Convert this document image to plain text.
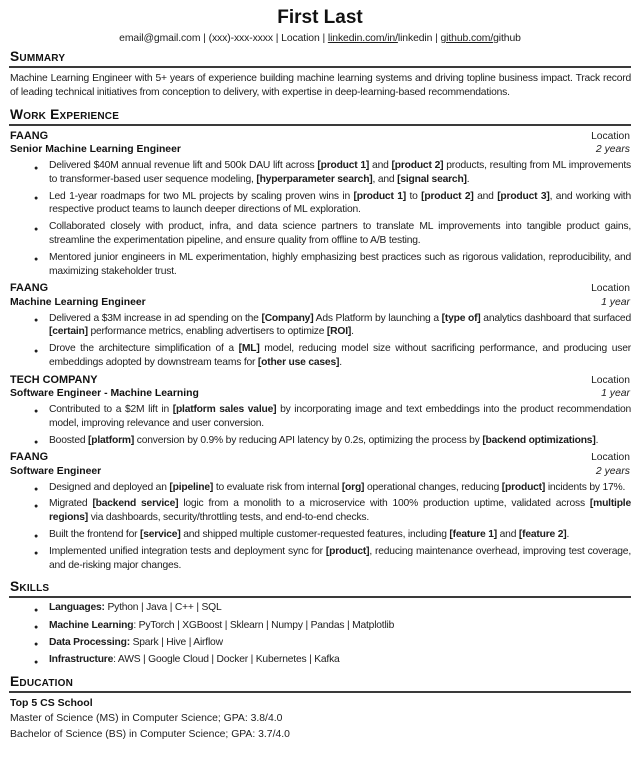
First Last
email@gmail.com | (xxx)-xxx-xxxx | Location | linkedin.com/in/linkedin | github.com/github
Summary

Machine Learning Engineer with 5+ years of experience building machine learning systems and driving topline business impact. Track record of leading technical initiatives from conception to delivery, with expertise in deep-learning-based recommendations.

Work Experience
FAANG	Location
Senior Machine Learning Engineer	2 years
● Delivered $40M annual revenue lift and 500k DAU lift across [product 1] and [product 2] products, resulting from ML improvements to transformer-based user sequence modeling, [hyperparameter search], and [signal search].
● Led 1-year roadmaps for two ML projects by scaling proven wins in [product 1] to [product 2] and [product 3], and working with respective product teams to launch deeper directions of ML exploration.
● Collaborated closely with product, infra, and data science partners to translate ML improvements into tangible product gains, streamline the experimentation pipeline, and ensure quality from offline to A/B testing.
● Mentored junior engineers in ML experimentation, highly emphasizing best practices such as rigorous validation, reproducibility, and maximizing stakeholder trust.
FAANG	Location
Machine Learning Engineer	1 year
● Delivered a $3M increase in ad spending on the [Company] Ads Platform by launching a [type of] analytics dashboard that surfaced [certain] performance metrics, enabling advertisers to optimize [ROI].
● Drove the architecture simplification of a [ML] model, reducing model size without sacrificing performance, and producing user embeddings adopted by downstream teams for [other use cases].
TECH COMPANY	Location
Software Engineer - Machine Learning	1 year
● Contributed to a $2M lift in [platform sales value] by incorporating image and text embeddings into the product recommendation model, improving relevance and user conversion.
● Boosted [platform] conversion by 0.9% by reducing API latency by 0.2s, optimizing the process by [backend optimizations].
FAANG	Location
Software Engineer	2 years
● Designed and deployed an [pipeline] to evaluate risk from internal [org] operational changes, reducing [product] incidents by 17%.
● Migrated [backend service] logic from a monolith to a microservice with 100% production uptime, validated across [multiple regions] via dashboards, security/throttling tests, and end-to-end checks.
● Built the frontend for [service] and shipped multiple customer-requested features, including [feature 1] and [feature 2].
● Implemented unified integration tests and deployment sync for [product], reducing maintenance overhead, improving test coverage, and de-risking major changes.
Skills
● Languages: Python | Java | C++ | SQL
● Machine Learning: PyTorch | XGBoost | Sklearn | Numpy | Pandas | Matplotlib
● Data Processing: Spark | Hive | Airflow
● Infrastructure: AWS | Google Cloud | Docker | Kubernetes | Kafka
Education
Top 5 CS School
Master of Science (MS) in Computer Science; GPA: 3.8/4.0
Bachelor of Science (BS) in Computer Science; GPA: 3.7/4.0
